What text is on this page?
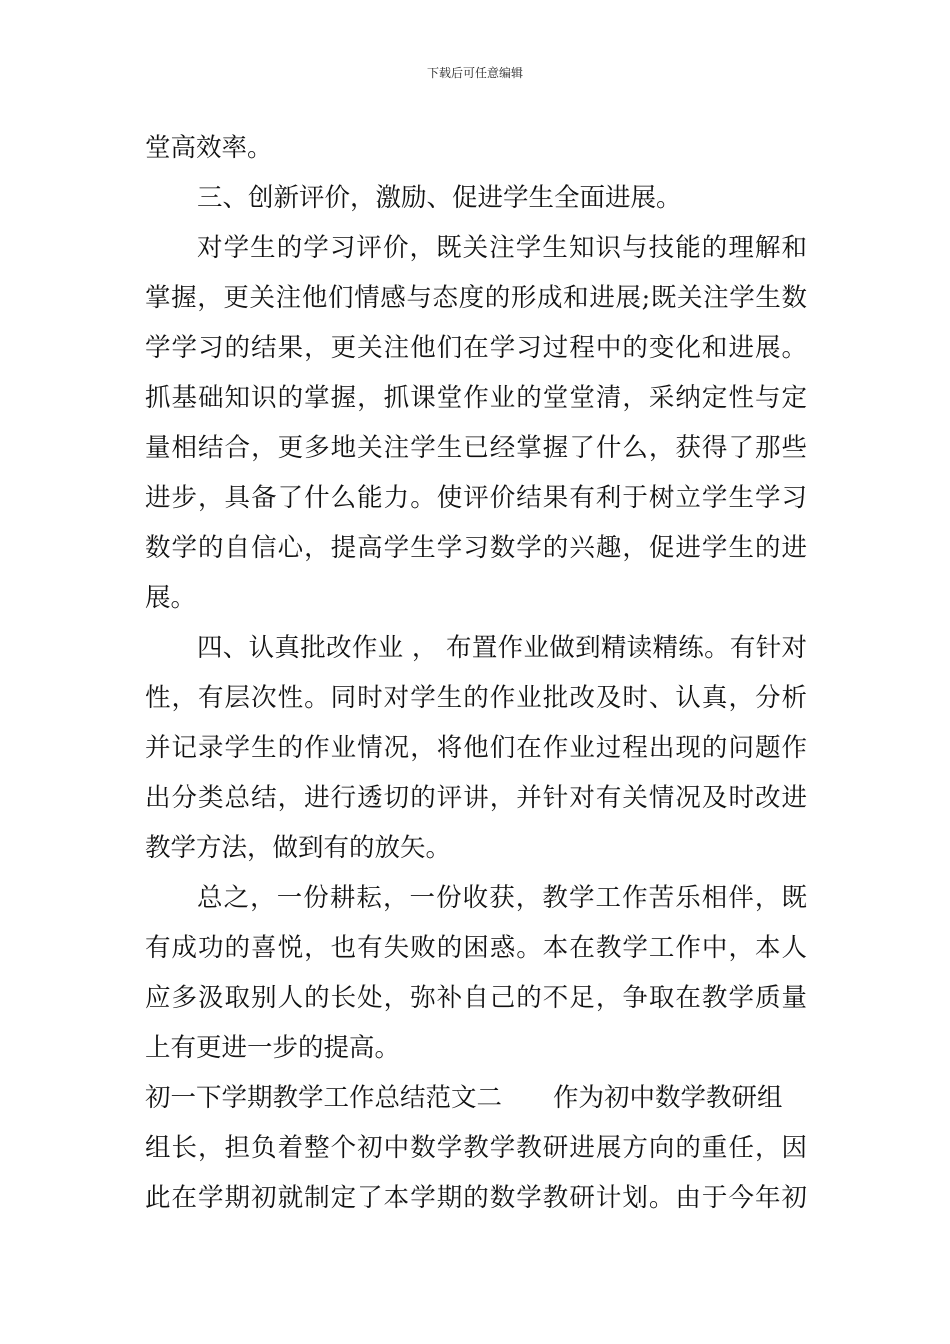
下载后可任意编辑
堂高效率。
三、创新评价，激励、促进学生全面进展。
对学生的学习评价，既关注学生知识与技能的理解和
掌握，更关注他们情感与态度的形成和进展;既关注学生数
学学习的结果，更关注他们在学习过程中的变化和进展。
抓基础知识的掌握，抓课堂作业的堂堂清，采纳定性与定
量相结合，更多地关注学生已经掌握了什么，获得了那些
进步，具备了什么能力。使评价结果有利于树立学生学习
数学的自信心，提高学生学习数学的兴趣，促进学生的进
展。
四、认真批改作业 ， 布置作业做到精读精练。有针对
性，有层次性。同时对学生的作业批改及时、认真，分析
并记录学生的作业情况，将他们在作业过程出现的问题作
出分类总结，进行透切的评讲，并针对有关情况及时改进
教学方法，做到有的放矢。
总之，一份耕耘，一份收获，教学工作苦乐相伴，既
有成功的喜悦，也有失败的困惑。本在教学工作中，本人
应多汲取别人的长处，弥补自己的不足，争取在教学质量
上有更进一步的提高。
初一下学期教学工作总结范文二　　作为初中数学教研组
组长，担负着整个初中数学教学教研进展方向的重任，因
此在学期初就制定了本学期的数学教研计划。由于今年初
